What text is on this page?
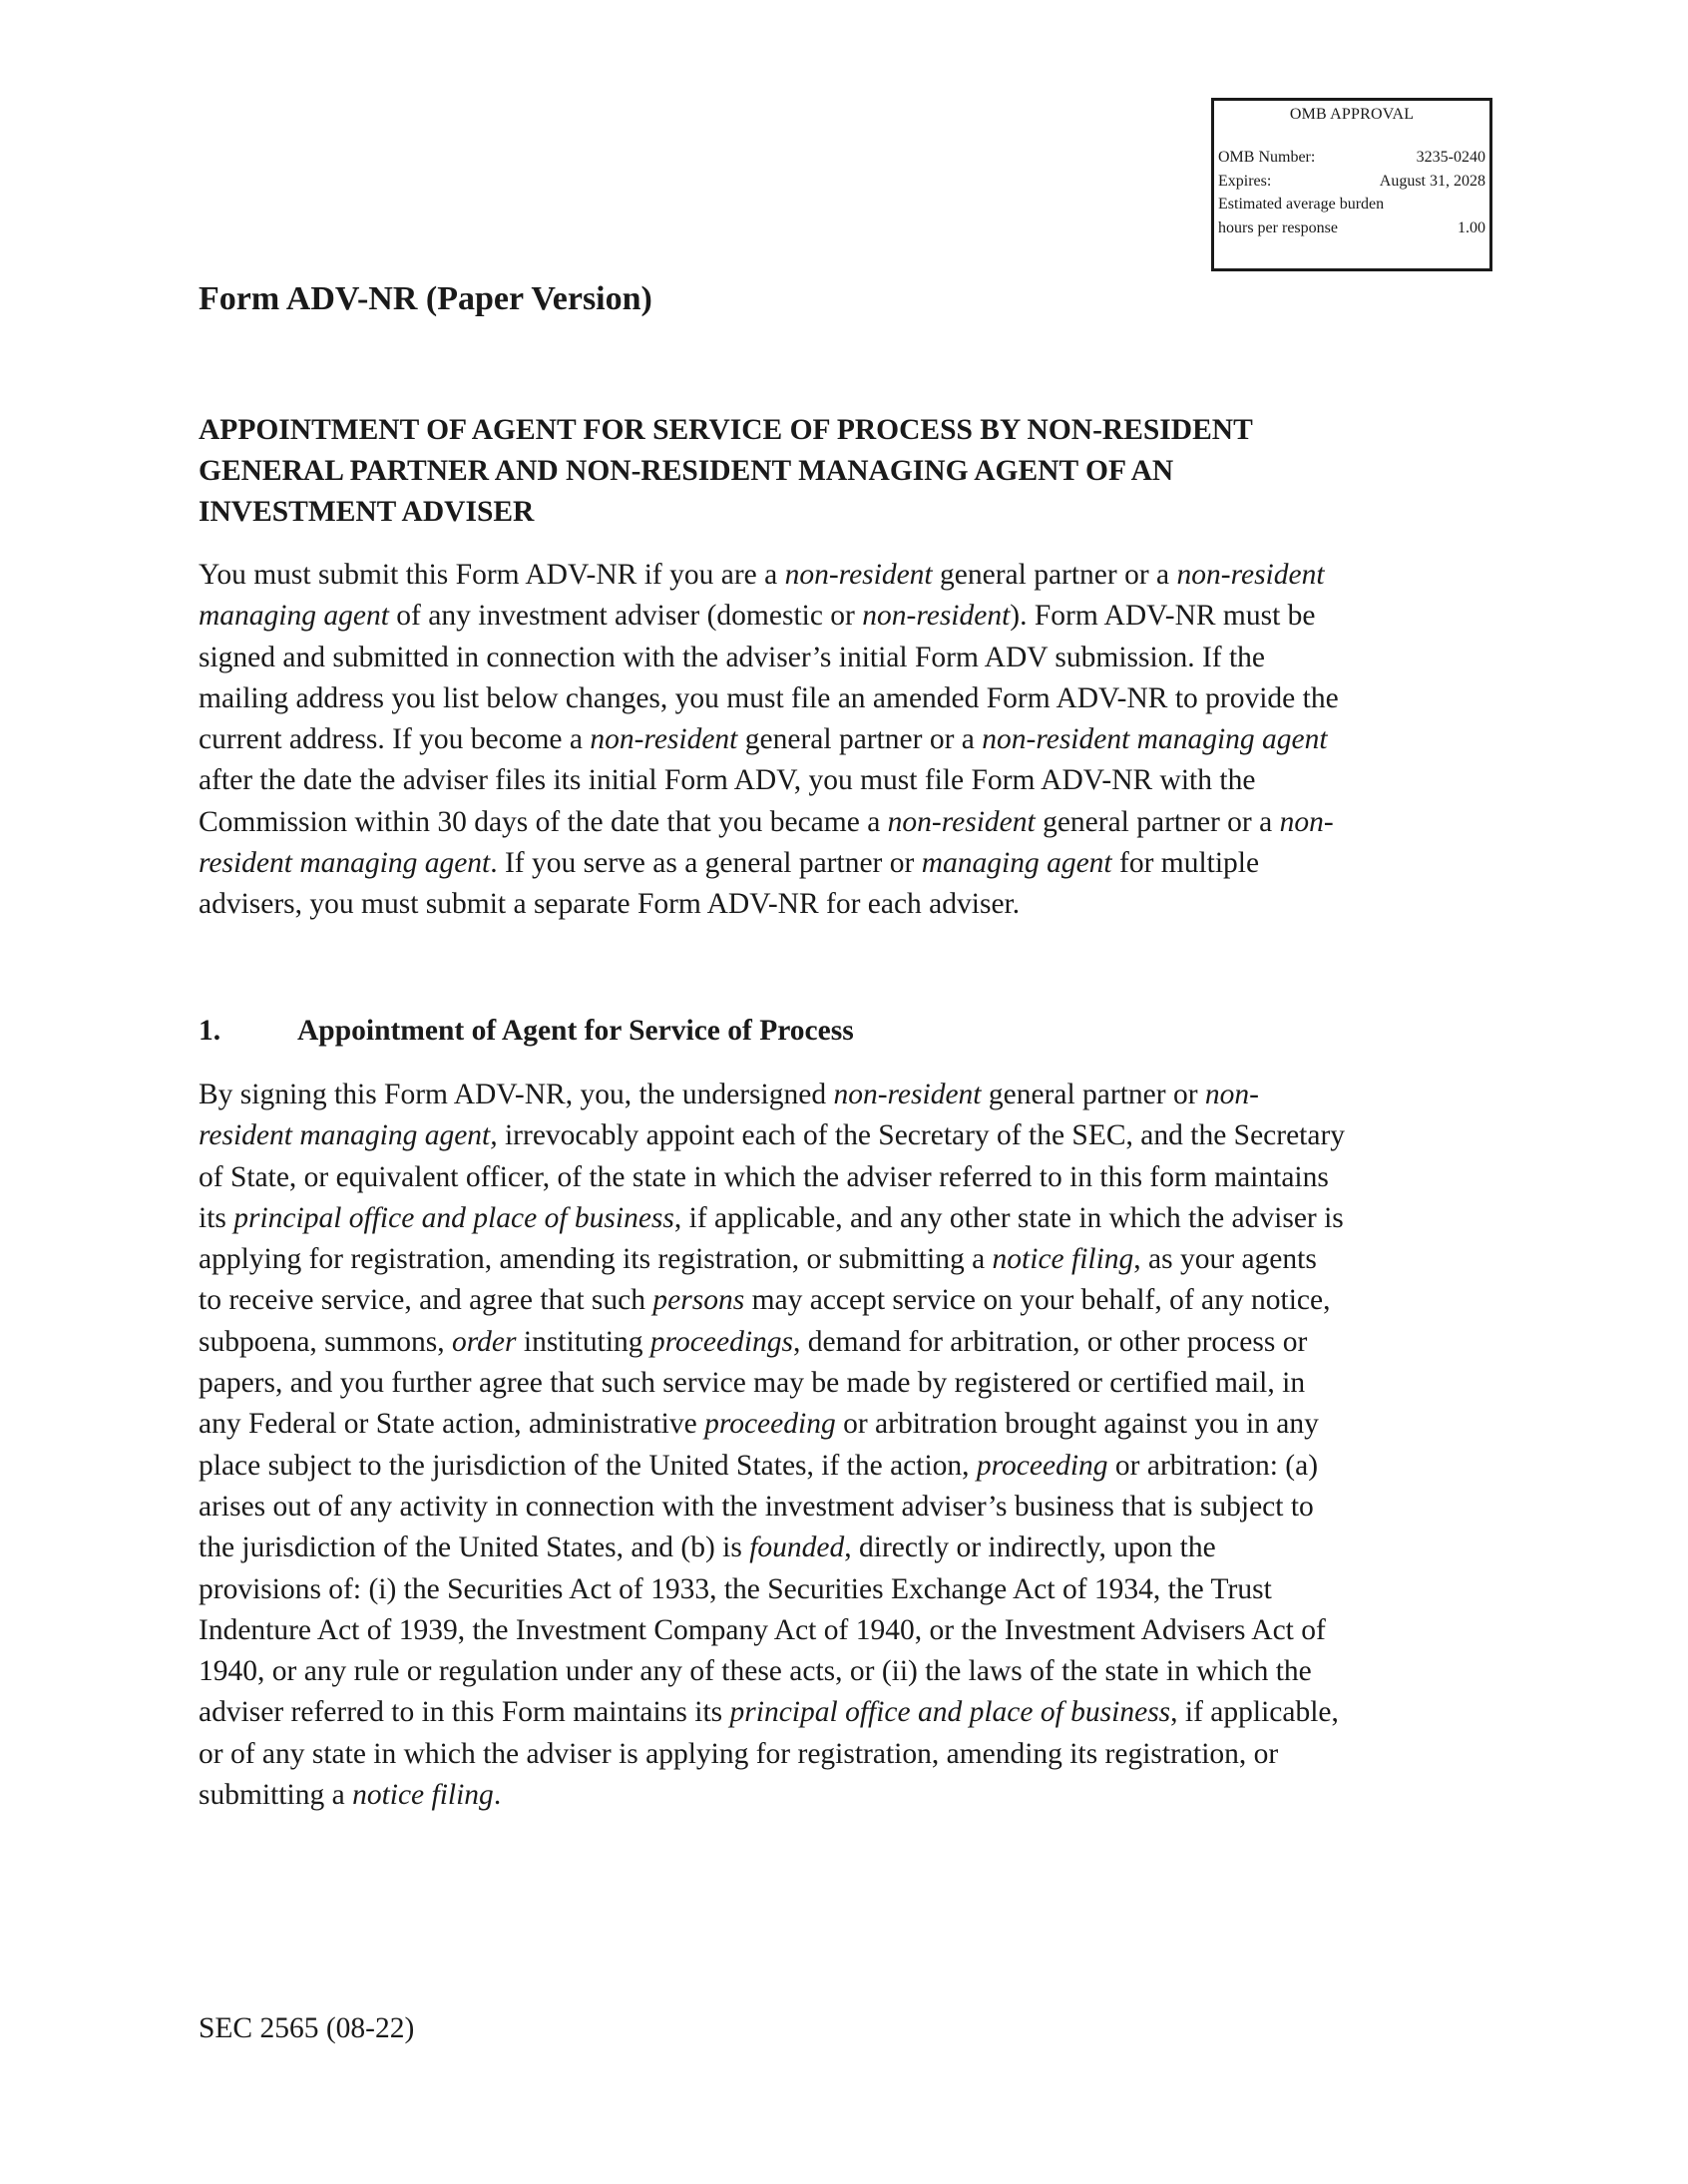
OMB APPROVAL
OMB Number:	3235-0240
Expires:	August 31, 2028
Estimated average burden
hours per response	1.00
Form ADV-NR (Paper Version)
APPOINTMENT OF AGENT FOR SERVICE OF PROCESS BY NON-RESIDENT
GENERAL PARTNER AND NON-RESIDENT MANAGING AGENT OF AN
INVESTMENT ADVISER

You must submit this Form ADV-NR if you are a non-resident general partner or a non-resident
managing agent of any investment adviser (domestic or non-resident). Form ADV-NR must be
signed and submitted in connection with the adviser’s initial Form ADV submission. If the
mailing address you list below changes, you must file an amended Form ADV-NR to provide the
current address. If you become a non-resident general partner or a non-resident managing agent
after the date the adviser files its initial Form ADV, you must file Form ADV-NR with the
Commission within 30 days of the date that you became a non-resident general partner or a non-
resident managing agent. If you serve as a general partner or managing agent for multiple
advisers, you must submit a separate Form ADV-NR for each adviser.

1.	Appointment of Agent for Service of Process

By signing this Form ADV-NR, you, the undersigned non-resident general partner or non-
resident managing agent, irrevocably appoint each of the Secretary of the SEC, and the Secretary
of State, or equivalent officer, of the state in which the adviser referred to in this form maintains
its principal office and place of business, if applicable, and any other state in which the adviser is
applying for registration, amending its registration, or submitting a notice filing, as your agents
to receive service, and agree that such persons may accept service on your behalf, of any notice,
subpoena, summons, order instituting proceedings, demand for arbitration, or other process or
papers, and you further agree that such service may be made by registered or certified mail, in
any Federal or State action, administrative proceeding or arbitration brought against you in any
place subject to the jurisdiction of the United States, if the action, proceeding or arbitration: (a)
arises out of any activity in connection with the investment adviser’s business that is subject to
the jurisdiction of the United States, and (b) is founded, directly or indirectly, upon the
provisions of: (i) the Securities Act of 1933, the Securities Exchange Act of 1934, the Trust
Indenture Act of 1939, the Investment Company Act of 1940, or the Investment Advisers Act of
1940, or any rule or regulation under any of these acts, or (ii) the laws of the state in which the
adviser referred to in this Form maintains its principal office and place of business, if applicable,
or of any state in which the adviser is applying for registration, amending its registration, or
submitting a notice filing.

SEC 2565 (08-22)
